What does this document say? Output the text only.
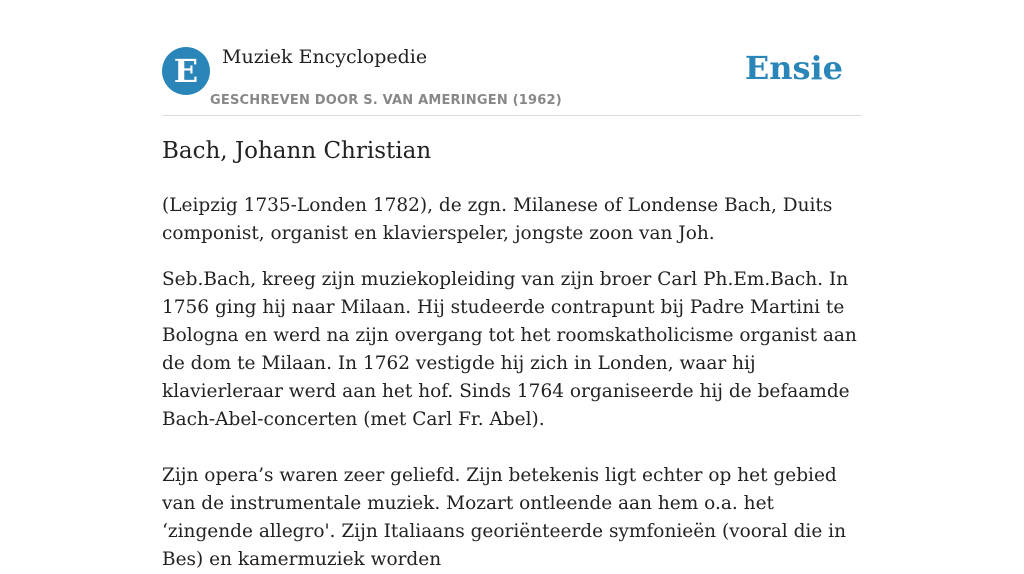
E	Muziek Encyclopedie
GESCHREVEN DOOR S. VAN AMERINGEN (1962)
Ensie
Bach, Johann Christian

(Leipzig 1735-Londen 1782), de zgn. Milanese of Londense Bach, Duits componist, organist en klavierspeler, jongste zoon van Joh.

Seb.Bach, kreeg zijn muziekopleiding van zijn broer Carl Ph.Em.Bach. In 1756 ging hij naar Milaan. Hij studeerde contrapunt bij Padre Martini te Bologna en werd na zijn overgang tot het roomskatholicisme organist aan de dom te Milaan. In 1762 vestigde hij zich in Londen, waar hij klavierleraar werd aan het hof. Sinds 1764 organiseerde hij de befaamde Bach-Abel-concerten (met Carl Fr. Abel).

Zijn opera’s waren zeer geliefd. Zijn betekenis ligt echter op het gebied van de instrumentale muziek. Mozart ontleende aan hem o.a. het ‘zingende allegro'. Zijn Italiaans georiënteerde symfonieën (vooral die in Bes) en kamermuziek worden
